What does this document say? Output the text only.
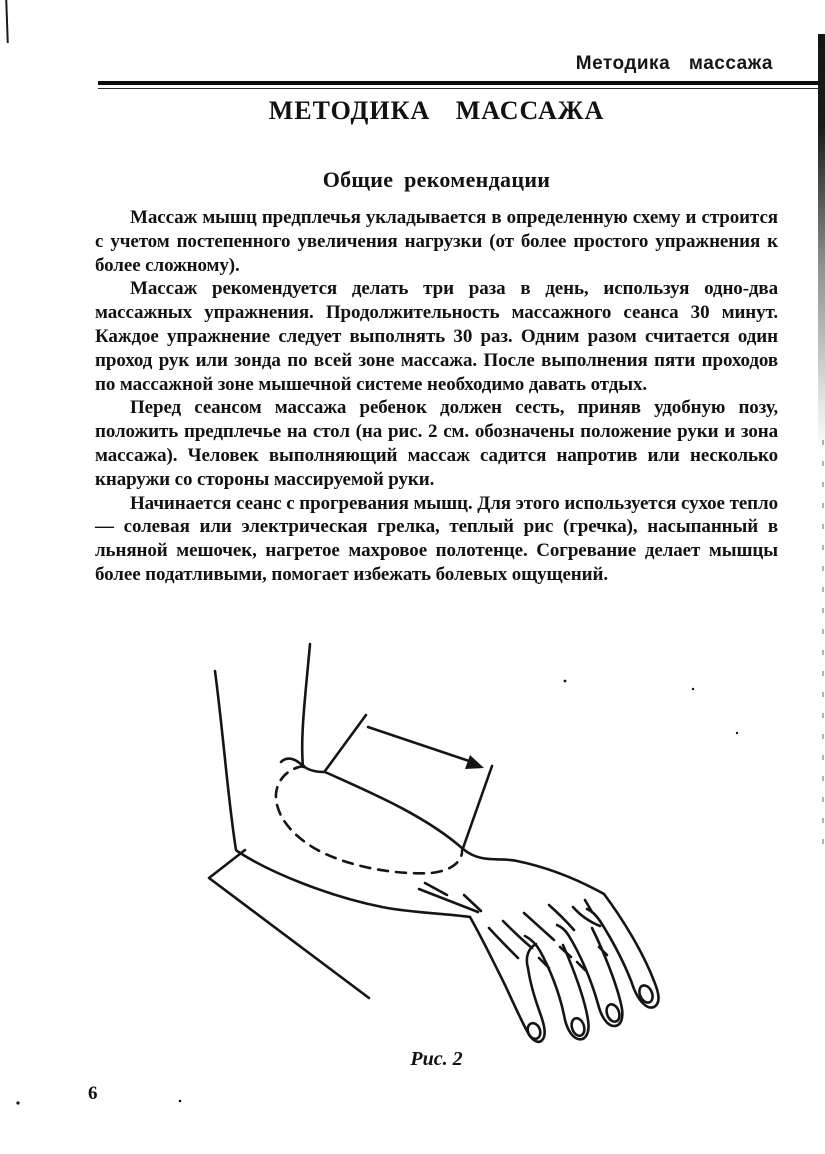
Методика массажа
МЕТОДИКА МАССАЖА
Общие рекомендации

Массаж мышц предплечья укладывается в определенную схему и строится с учетом постепенного увеличения нагрузки (от более простого упражнения к более сложному).

Массаж рекомендуется делать три раза в день, используя одно-два массажных упражнения. Продолжительность массажного сеанса 30 минут. Каждое упражнение следует выполнять 30 раз. Одним разом считается один проход рук или зонда по всей зоне массажа. После выполнения пяти проходов по массажной зоне мышечной системе необходимо давать отдых.

Перед сеансом массажа ребенок должен сесть, приняв удобную позу, положить предплечье на стол (на рис. 2 см. обозначены положение руки и зона массажа). Человек выполняющий массаж садится напротив или несколько кнаружи со стороны массируемой руки.

Начинается сеанс с прогревания мышц. Для этого используется сухое тепло — солевая или электрическая грелка, теплый рис (гречка), насыпанный в льняной мешочек, нагретое махровое полотенце. Согревание делает мышцы более податливыми, помогает избежать болевых ощущений.

Рис. 2
6
